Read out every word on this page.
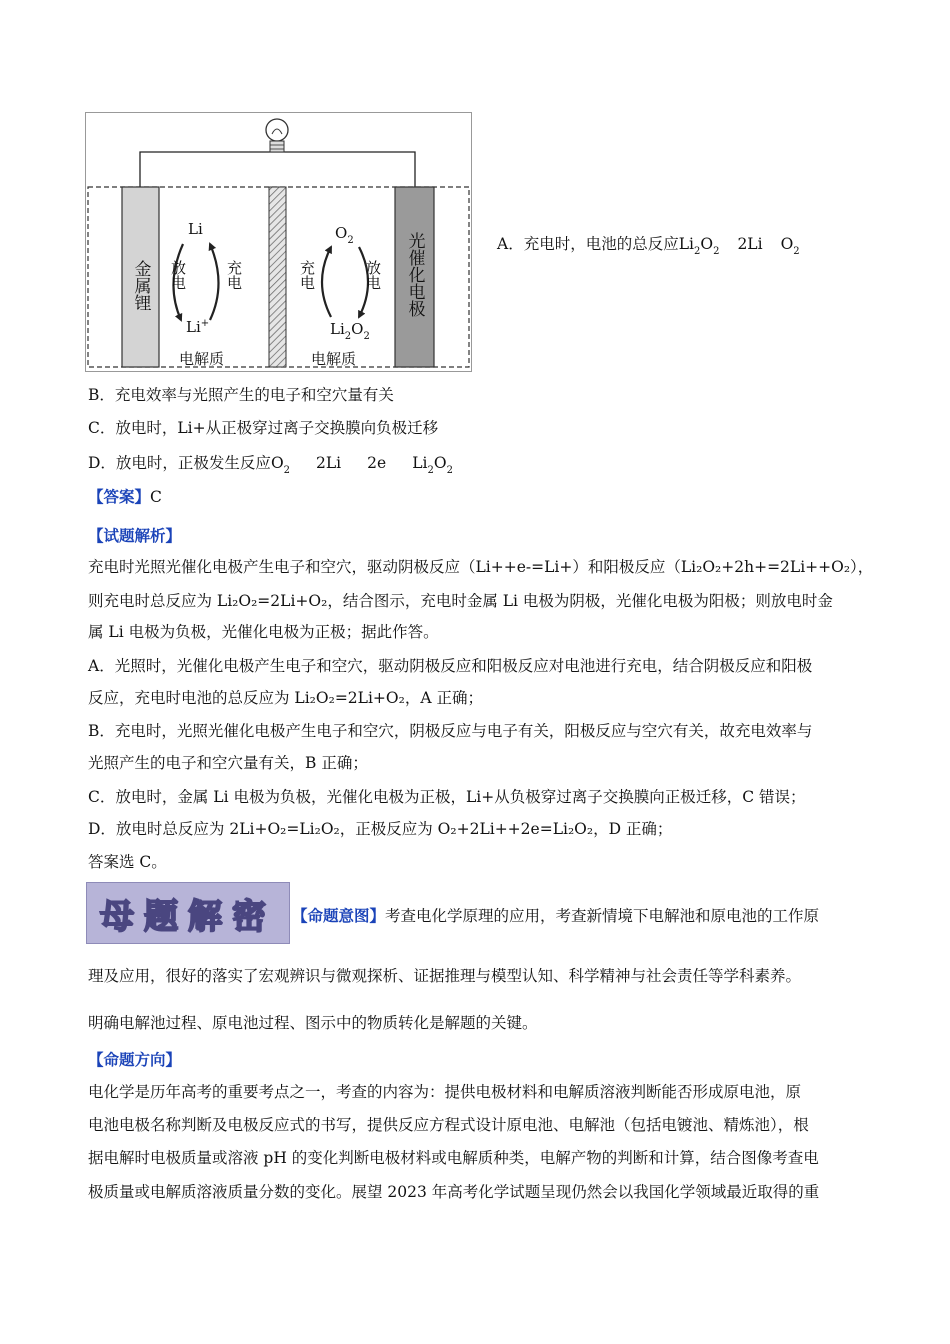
金属锂	光催化电极
Li
Li+
放电	充电
$O_2$
$Li_2O_2$
充电	放电
电解质	电解质
A．充电时，电池的总反应$Li_2O_2$ 2Li $O_2$
B．充电效率与光照产生的电子和空穴量有关
C．放电时，Li+从正极穿过离子交换膜向负极迁移
D．放电时，正极发生反应$O_2$ 2Li 2e $Li_2O_2$
【答案】C
【试题解析】
充电时光照光催化电极产生电子和空穴，驱动阴极反应（Li++e-=Li+）和阳极反应（Li₂O₂+2h+=2Li++O₂），
则充电时总反应为 Li₂O₂=2Li+O₂，结合图示，充电时金属 Li 电极为阴极，光催化电极为阳极；则放电时金
属 Li 电极为负极，光催化电极为正极；据此作答。
A．光照时，光催化电极产生电子和空穴，驱动阴极反应和阳极反应对电池进行充电，结合阴极反应和阳极
反应，充电时电池的总反应为 Li₂O₂=2Li+O₂，A 正确；
B．充电时，光照光催化电极产生电子和空穴，阴极反应与电子有关，阳极反应与空穴有关，故充电效率与
光照产生的电子和空穴量有关，B 正确；
C．放电时，金属 Li 电极为负极，光催化电极为正极，Li+从负极穿过离子交换膜向正极迁移，C 错误；
D．放电时总反应为 2Li+O₂=Li₂O₂，正极反应为 O₂+2Li++2e=Li₂O₂，D 正确；
答案选 C。
母题解密 【命题意图】考查电化学原理的应用，考查新情境下电解池和原电池的工作原
理及应用，很好的落实了宏观辨识与微观探析、证据推理与模型认知、科学精神与社会责任等学科素养。
明确电解池过程、原电池过程、图示中的物质转化是解题的关键。
【命题方向】
电化学是历年高考的重要考点之一，考查的内容为：提供电极材料和电解质溶液判断能否形成原电池，原
电池电极名称判断及电极反应式的书写，提供反应方程式设计原电池、电解池（包括电镀池、精炼池），根
据电解时电极质量或溶液 pH 的变化判断电极材料或电解质种类，电解产物的判断和计算，结合图像考查电
极质量或电解质溶液质量分数的变化。展望 2023 年高考化学试题呈现仍然会以我国化学领域最近取得的重
